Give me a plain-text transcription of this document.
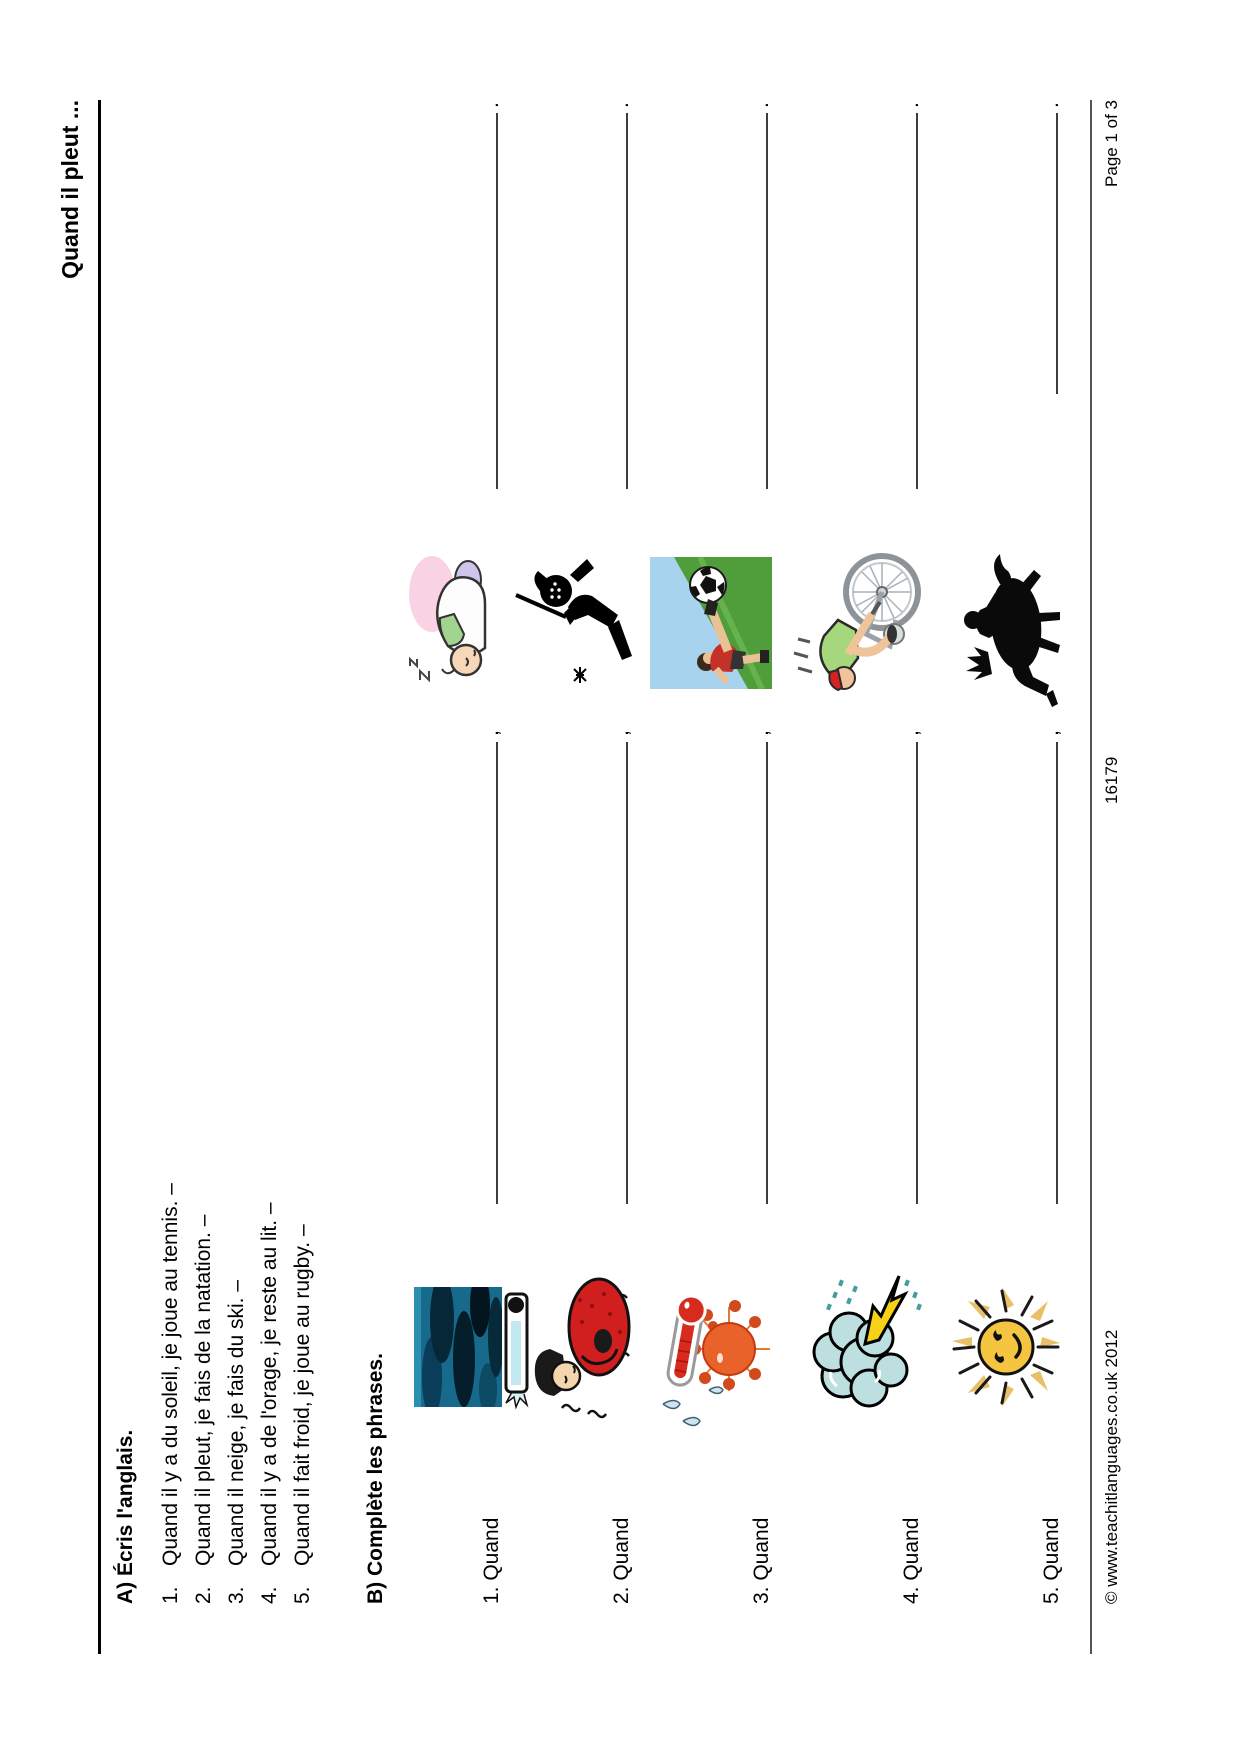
Quand il pleut ...
A) Écris l'anglais. 1.
Quand il y a du soleil, je joue au tennis. –
2.
Quand il pleut, je fais de la natation. –
3.
Quand il neige, je fais du ski. –
4.
Quand il y a de l'orage, je reste au lit. –
5.
Quand il fait froid, je joue au rugby. – B) Complète les phrases.	1. Quand
,
.
2. Quand
,
.
3. Quand
,
.
4. Quand
,
.
5. Quand
,
.
© www.teachitlanguages.co.uk 2012
16179
Page 1 of 3
